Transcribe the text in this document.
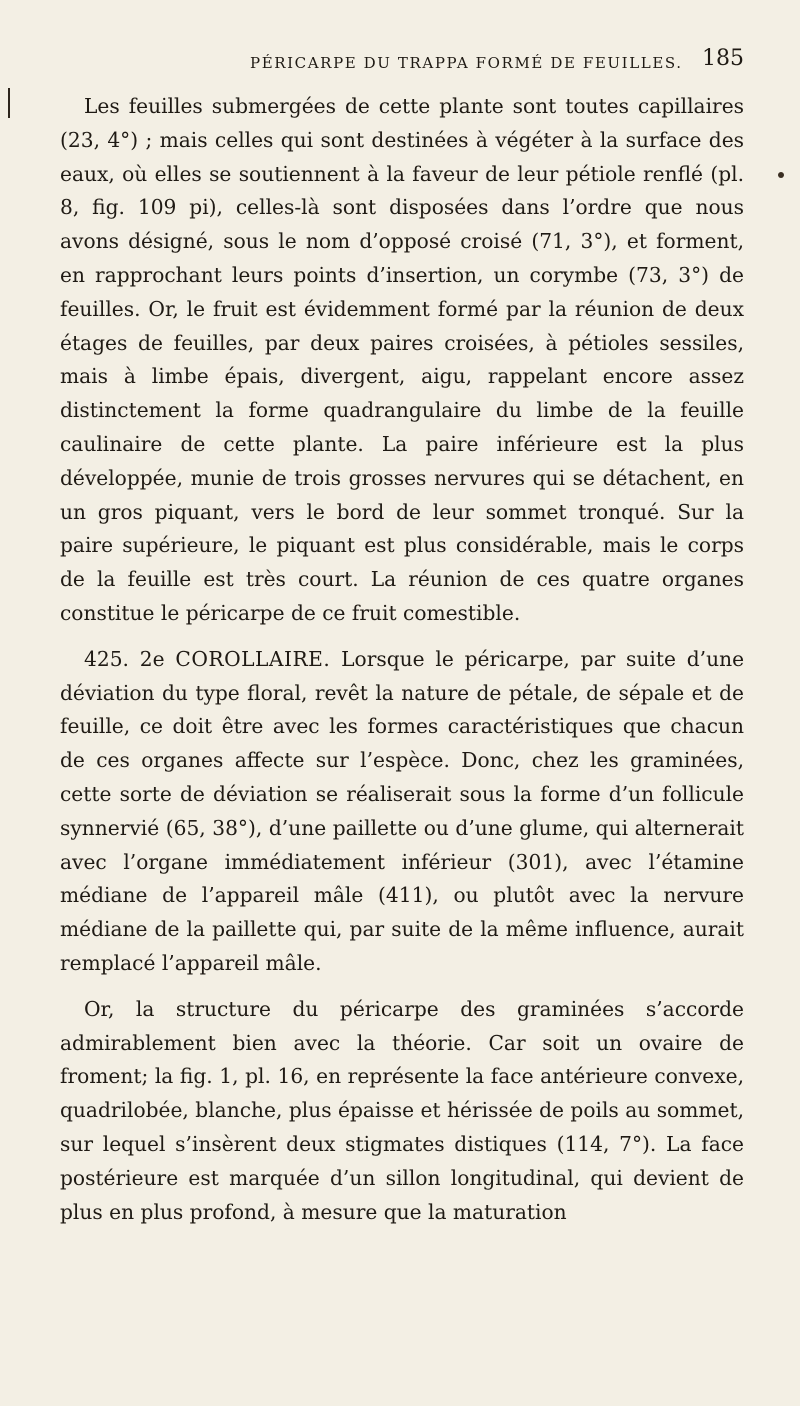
PÉRICARPE DU TRAPPA FORMÉ DE FEUILLES. 185

Les feuilles submergées de cette plante sont toutes capillaires (23, 4°) ; mais celles qui sont destinées à végéter à la surface des eaux, où elles se soutiennent à la faveur de leur pétiole renflé (pl. 8, fig. 109 pi), celles-là sont disposées dans l’ordre que nous avons désigné, sous le nom d’opposé croisé (71, 3°), et forment, en rapprochant leurs points d’insertion, un corymbe (73, 3°) de feuilles. Or, le fruit est évidemment formé par la réunion de deux étages de feuilles, par deux paires croisées, à pétioles sessiles, mais à limbe épais, divergent, aigu, rappelant encore assez distinctement la forme quadrangulaire du limbe de la feuille caulinaire de cette plante. La paire inférieure est la plus développée, munie de trois grosses nervures qui se détachent, en un gros piquant, vers le bord de leur sommet tronqué. Sur la paire supérieure, le piquant est plus considérable, mais le corps de la feuille est très court. La réunion de ces quatre organes constitue le péricarpe de ce fruit comestible.

425. 2e COROLLAIRE. Lorsque le péricarpe, par suite d’une déviation du type floral, revêt la nature de pétale, de sépale et de feuille, ce doit être avec les formes caractéristiques que chacun de ces organes affecte sur l’espèce. Donc, chez les graminées, cette sorte de déviation se réaliserait sous la forme d’un follicule synnervié (65, 38°), d’une paillette ou d’une glume, qui alternerait avec l’organe immédiatement inférieur (301), avec l’étamine médiane de l’appareil mâle (411), ou plutôt avec la nervure médiane de la paillette qui, par suite de la même influence, aurait remplacé l’appareil mâle.

Or, la structure du péricarpe des graminées s’accorde admirablement bien avec la théorie. Car soit un ovaire de froment; la fig. 1, pl. 16, en représente la face antérieure convexe, quadrilobée, blanche, plus épaisse et hérissée de poils au sommet, sur lequel s’insèrent deux stigmates distiques (114, 7°). La face postérieure est marquée d’un sillon longitudinal, qui devient de plus en plus profond, à mesure que la maturation
